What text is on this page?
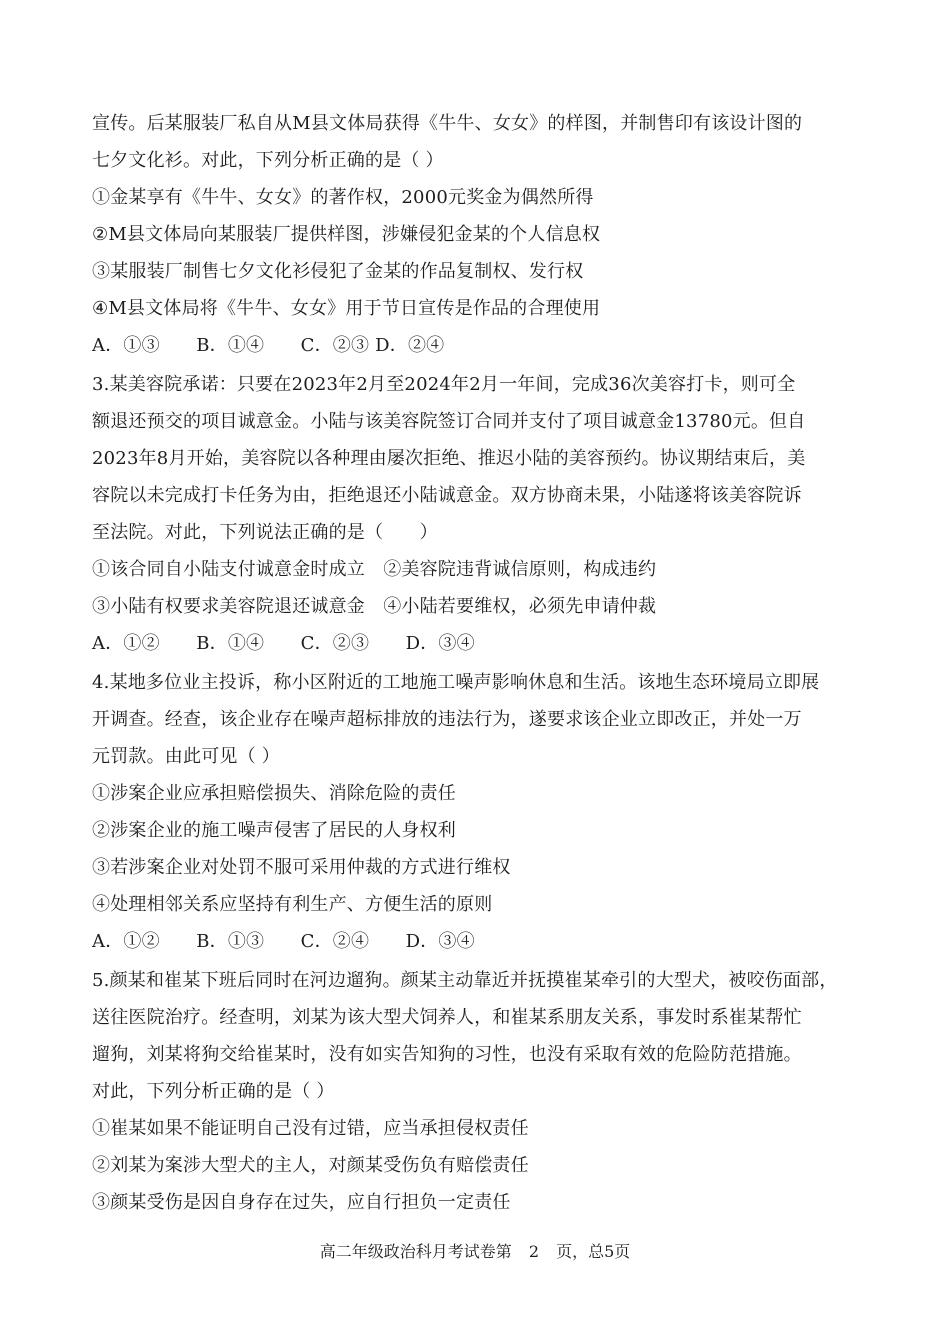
宣传。后某服装厂私自从M县文体局获得《牛牛、女女》的样图，并制售印有该设计图的
七夕文化衫。对此，下列分析正确的是（ ）
①金某享有《牛牛、女女》的著作权，2000元奖金为偶然所得
②M县文体局向某服装厂提供样图，涉嫌侵犯金某的个人信息权
③某服装厂制售七夕文化衫侵犯了金某的作品复制权、发行权
④M县文体局将《牛牛、女女》用于节日宣传是作品的合理使用
A．①③　　B．①④　　C．②③ D．②④
3.某美容院承诺：只要在2023年2月至2024年2月一年间，完成36次美容打卡，则可全
额退还预交的项目诚意金。小陆与该美容院签订合同并支付了项目诚意金13780元。但自
2023年8月开始，美容院以各种理由屡次拒绝、推迟小陆的美容预约。协议期结束后，美
容院以未完成打卡任务为由，拒绝退还小陆诚意金。双方协商未果，小陆遂将该美容院诉
至法院。对此，下列说法正确的是（　　）
①该合同自小陆支付诚意金时成立　②美容院违背诚信原则，构成违约
③小陆有权要求美容院退还诚意金　④小陆若要维权，必须先申请仲裁
A．①②　　B．①④　　C．②③　　D．③④
4.某地多位业主投诉，称小区附近的工地施工噪声影响休息和生活。该地生态环境局立即展
开调查。经查，该企业存在噪声超标排放的违法行为，遂要求该企业立即改正，并处一万
元罚款。由此可见（ ）
①涉案企业应承担赔偿损失、消除危险的责任
②涉案企业的施工噪声侵害了居民的人身权利
③若涉案企业对处罚不服可采用仲裁的方式进行维权
④处理相邻关系应坚持有利生产、方便生活的原则
A．①②　　B．①③　　C．②④　　D．③④
5.颜某和崔某下班后同时在河边遛狗。颜某主动靠近并抚摸崔某牵引的大型犬，被咬伤面部，
送往医院治疗。经查明，刘某为该大型犬饲养人，和崔某系朋友关系，事发时系崔某帮忙
遛狗，刘某将狗交给崔某时，没有如实告知狗的习性，也没有采取有效的危险防范措施。
对此，下列分析正确的是（ ）
①崔某如果不能证明自己没有过错，应当承担侵权责任
②刘某为案涉大型犬的主人，对颜某受伤负有赔偿责任
③颜某受伤是因自身存在过失，应自行担负一定责任
高二年级政治科月考试卷第 2 页，总5页
